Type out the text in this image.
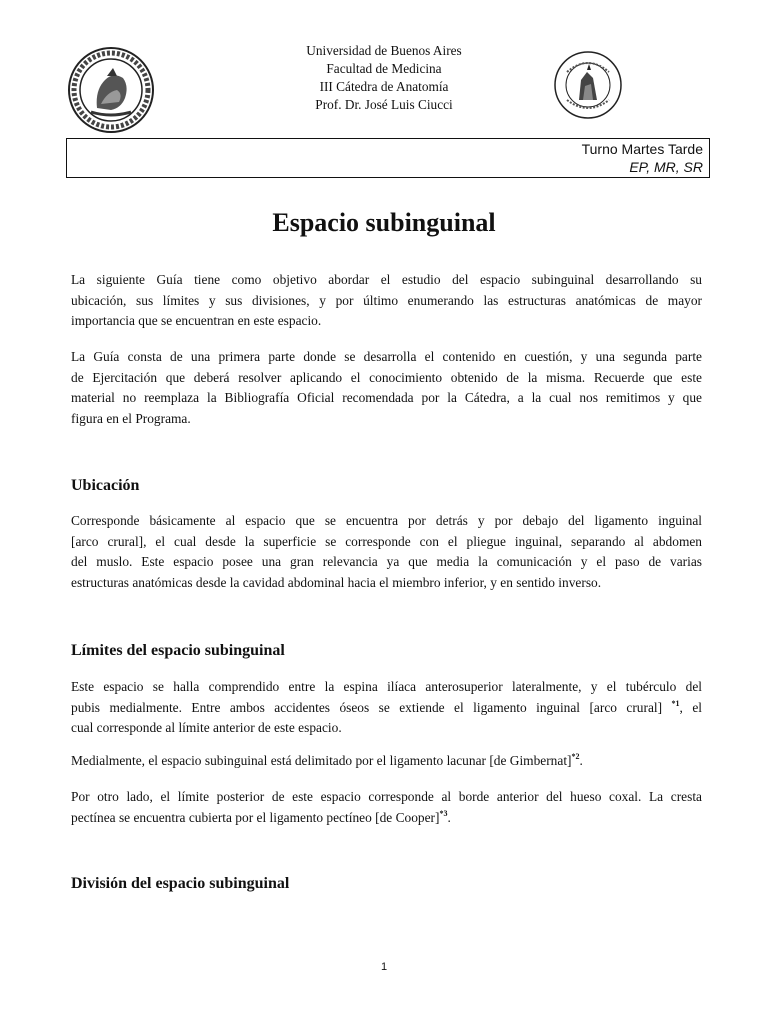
Universidad de Buenos Aires
Facultad de Medicina
III Cátedra de Anatomía
Prof. Dr. José Luis Ciucci
Turno Martes Tarde
EP, MR, SR
Espacio subinguinal
La siguiente Guía tiene como objetivo abordar el estudio del espacio subinguinal desarrollando su
ubicación, sus límites y sus divisiones, y por último enumerando las estructuras anatómicas de mayor
importancia que se encuentran en este espacio.
La Guía consta de una primera parte donde se desarrolla el contenido en cuestión, y una segunda parte
de Ejercitación que deberá resolver aplicando el conocimiento obtenido de la misma. Recuerde que este
material no reemplaza la Bibliografía Oficial recomendada por la Cátedra, a la cual nos remitimos y que
figura en el Programa.
Ubicación
Corresponde básicamente al espacio que se encuentra por detrás y por debajo del ligamento inguinal
[arco crural], el cual desde la superficie se corresponde con el pliegue inguinal, separando al abdomen
del muslo. Este espacio posee una gran relevancia ya que media la comunicación y el paso de varias
estructuras anatómicas desde la cavidad abdominal hacia el miembro inferior, y en sentido inverso.
Límites del espacio subinguinal
Este espacio se halla comprendido entre la espina ilíaca anterosuperior lateralmente, y el tubérculo del
pubis medialmente. Entre ambos accidentes óseos se extiende el ligamento inguinal [arco crural] $^{*1}$, el
cual corresponde al límite anterior de este espacio.
Medialmente, el espacio subinguinal está delimitado por el ligamento lacunar [de Gimbernat]$^{*2}$.
Por otro lado, el límite posterior de este espacio corresponde al borde anterior del hueso coxal. La cresta
pectínea se encuentra cubierta por el ligamento pectíneo [de Cooper]$^{*3}$.
División del espacio subinguinal
1
